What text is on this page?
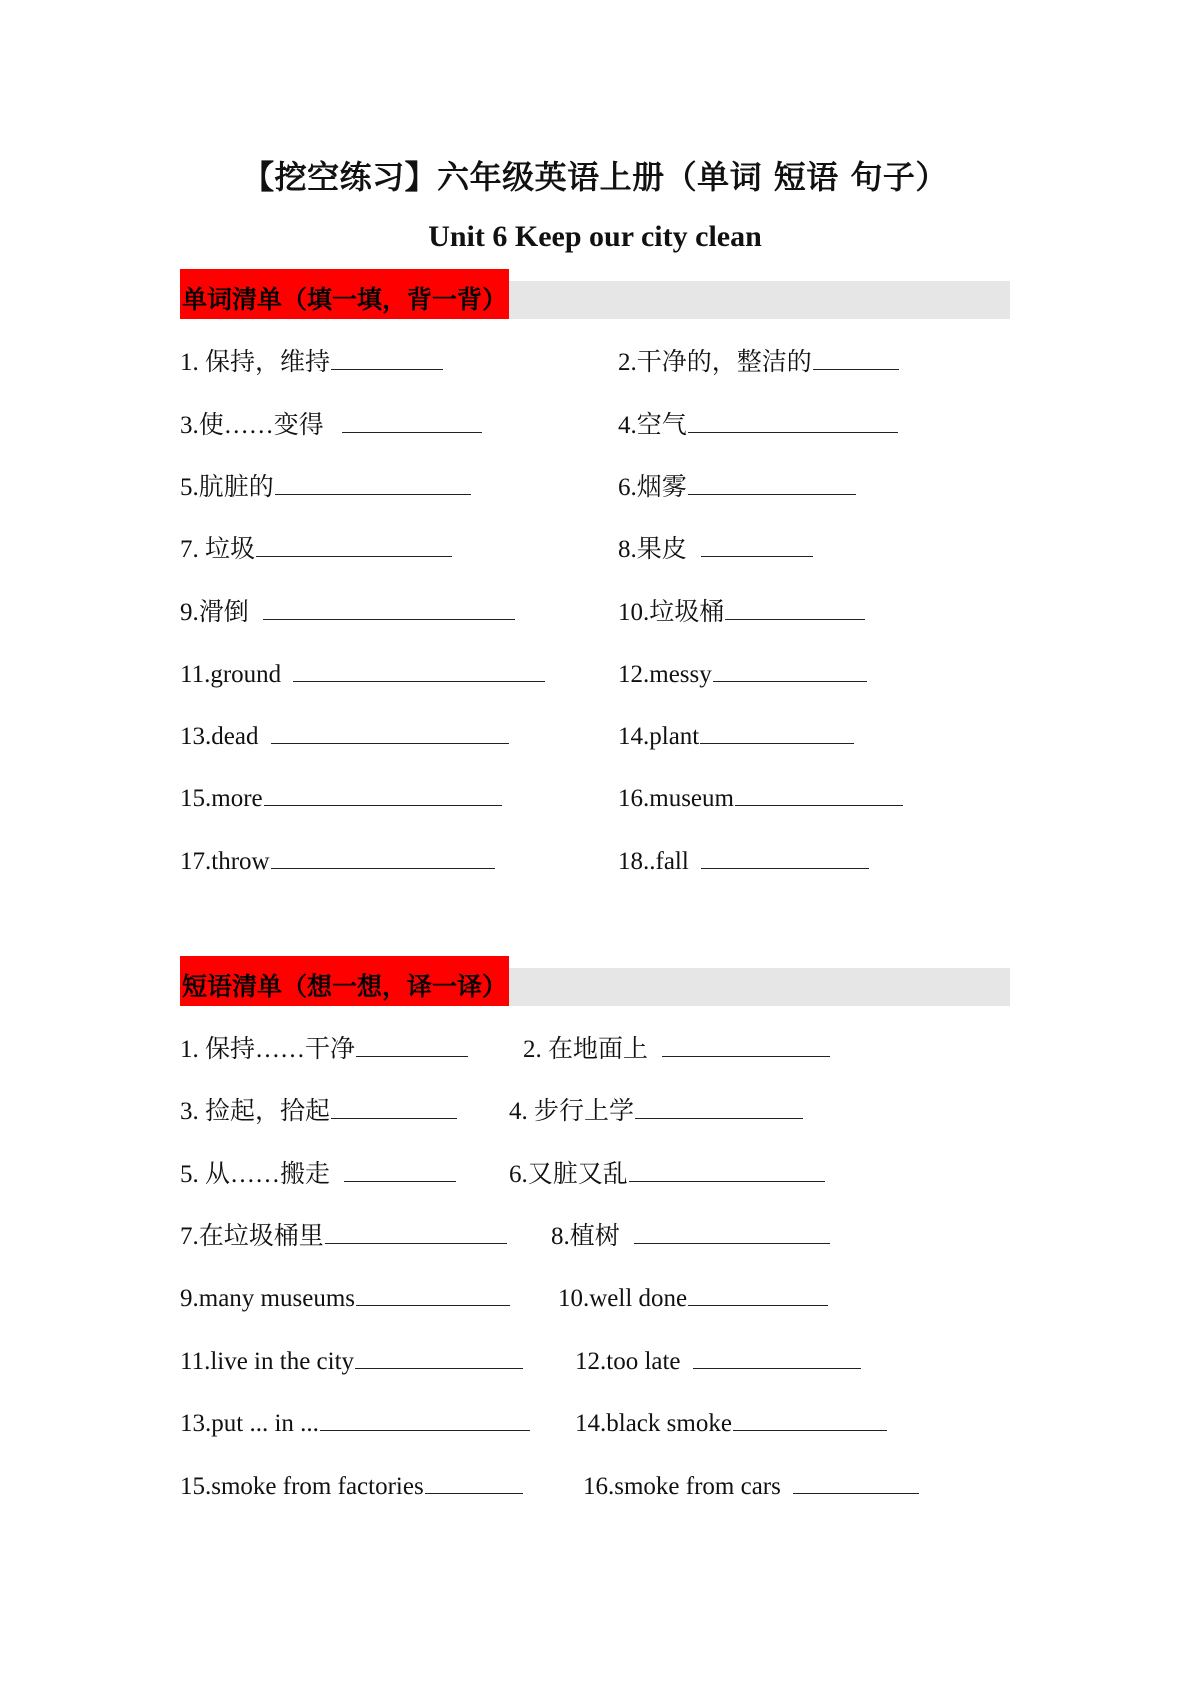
【挖空练习】六年级英语上册（单词 短语 句子）
Unit 6 Keep our city clean
单词清单（填一填，背一背）
1. 保持，维持	2.干净的，整洁的
3.使……变得	4.空气
5.肮脏的	6.烟雾
7. 垃圾	8.果皮
9.滑倒	10.垃圾桶
11.ground	12.messy
13.dead	14.plant
15.more	16.museum
17.throw	18..fall
短语清单（想一想，译一译）
1. 保持……干净	2. 在地面上
3. 捡起，拾起	4. 步行上学
5. 从……搬走	6.又脏又乱
7.在垃圾桶里	8.植树
9.many museums	10.well done
11.live in the city	12.too late
13.put ... in ...	14.black smoke
15.smoke from factories	16.smoke from cars
